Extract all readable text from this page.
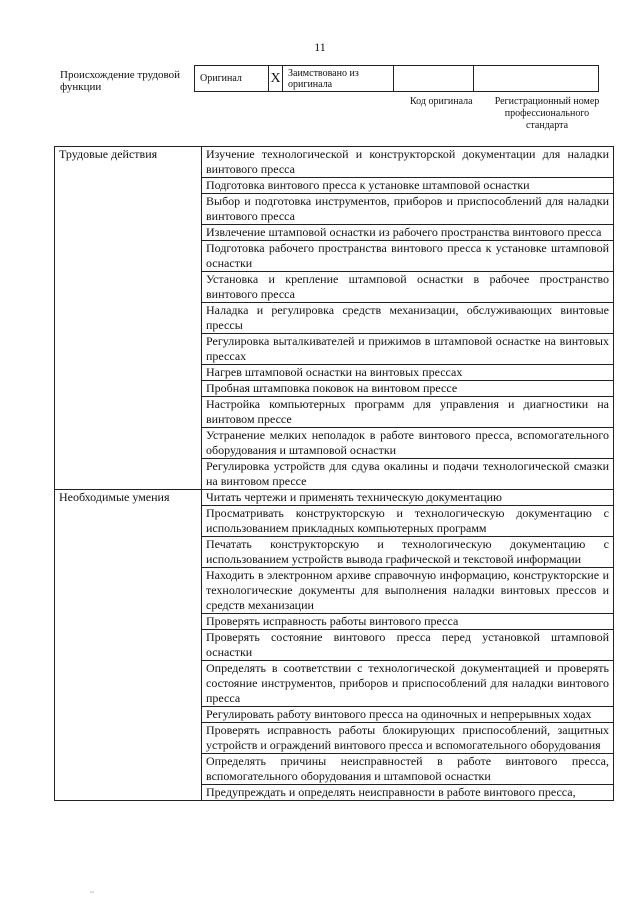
11
Происхождение трудовой функции
Оригинал	X	Заимствовано из оригинала		
Код оригинала	Регистрационный номер профессионального стандарта
Трудовые действия	Изучение технологической и конструкторской документации для наладки винтового пресса
	Подготовка винтового пресса к установке штамповой оснастки
	Выбор и подготовка инструментов, приборов и приспособлений для наладки винтового пресса
	Извлечение штамповой оснастки из рабочего пространства винтового пресса
	Подготовка рабочего пространства винтового пресса к установке штамповой оснастки
	Установка и крепление штамповой оснастки в рабочее пространство винтового пресса
	Наладка и регулировка средств механизации, обслуживающих винтовые прессы
	Регулировка выталкивателей и прижимов в штамповой оснастке на винтовых прессах
	Нагрев штамповой оснастки на винтовых прессах
	Пробная штамповка поковок на винтовом прессе
	Настройка компьютерных программ для управления и диагностики на винтовом прессе
	Устранение мелких неполадок в работе винтового пресса, вспомогательного оборудования и штамповой оснастки
	Регулировка устройств для сдува окалины и подачи технологической смазки на винтовом прессе
Необходимые умения	Читать чертежи и применять техническую документацию
	Просматривать конструкторскую и технологическую документацию с использованием прикладных компьютерных программ
	Печатать конструкторскую и технологическую документацию с использованием устройств вывода графической и текстовой информации
	Находить в электронном архиве справочную информацию, конструкторские и технологические документы для выполнения наладки винтовых прессов и средств механизации
	Проверять исправность работы винтового пресса
	Проверять состояние винтового пресса перед установкой штамповой оснастки
	Определять в соответствии с технологической документацией и проверять состояние инструментов, приборов и приспособлений для наладки винтового пресса
	Регулировать работу винтового пресса на одиночных и непрерывных ходах
	Проверять исправность работы блокирующих приспособлений, защитных устройств и ограждений винтового пресса и вспомогательного оборудования
	Определять причины неисправностей в работе винтового пресса, вспомогательного оборудования и штамповой оснастки
	Предупреждать и определять неисправности в работе винтового пресса,
~
